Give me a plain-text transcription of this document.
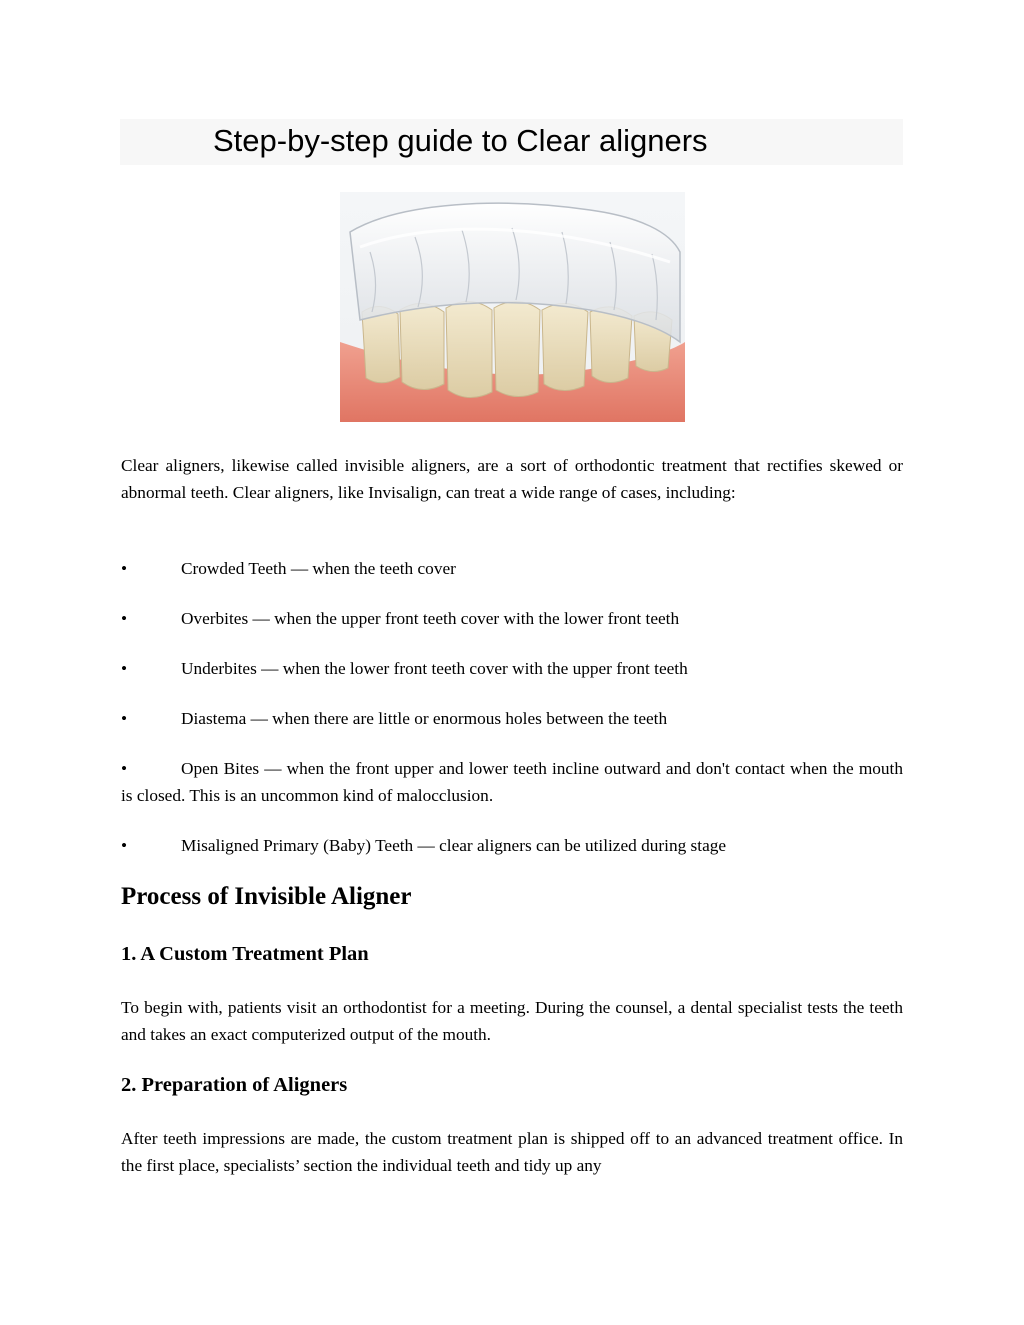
Step-by-step guide to Clear aligners

Clear aligners, likewise called invisible aligners, are a sort of orthodontic treatment that rectifies skewed or abnormal teeth. Clear aligners, like Invisalign, can treat a wide range of cases, including:

•	Crowded Teeth — when the teeth cover
•	Overbites — when the upper front teeth cover with the lower front teeth
•	Underbites — when the lower front teeth cover with the upper front teeth
•	Diastema — when there are little or enormous holes between the teeth
•	Open Bites — when the front upper and lower teeth incline outward and don't contact when the mouth is closed. This is an uncommon kind of malocclusion.
•	Misaligned Primary (Baby) Teeth — clear aligners can be utilized during stage
Process of Invisible Aligner
1. A Custom Treatment Plan

To begin with, patients visit an orthodontist for a meeting. During the counsel, a dental specialist tests the teeth and takes an exact computerized output of the mouth.

2. Preparation of Aligners

After teeth impressions are made, the custom treatment plan is shipped off to an advanced treatment office. In the first place, specialists’ section the individual teeth and tidy up any
